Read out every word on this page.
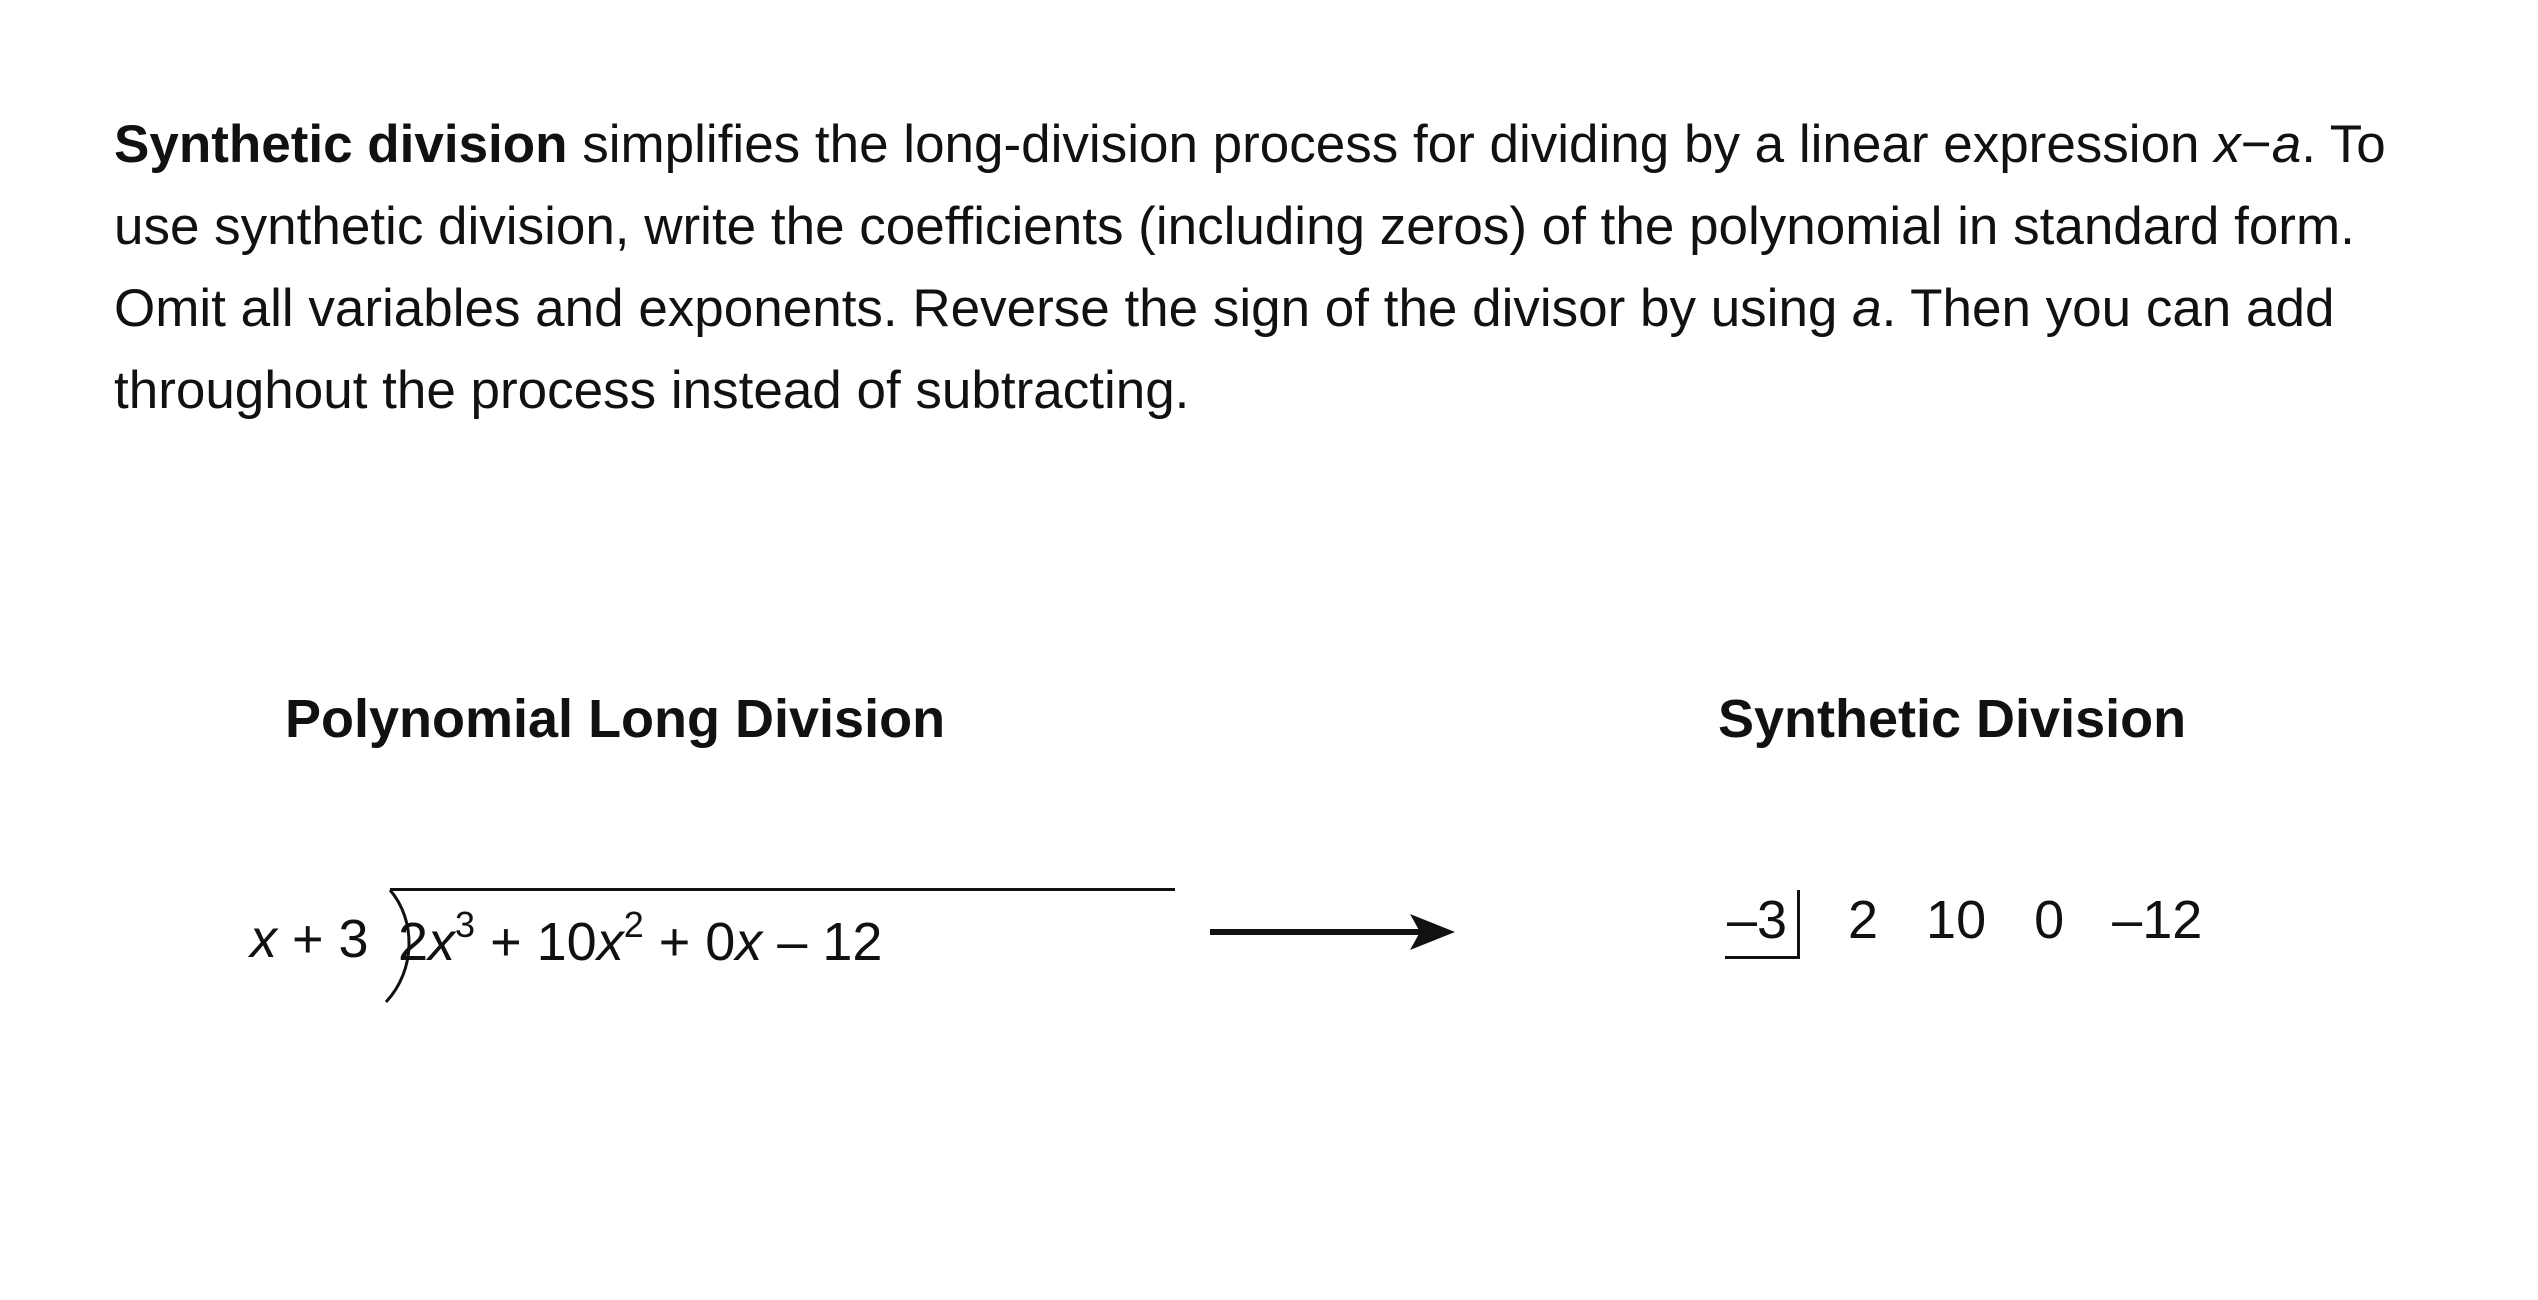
Synthetic division simplifies the long-division process for dividing by a linear expression x−a. To use synthetic division, write the coefficients (including zeros) of the polynomial in standard form. Omit all variables and exponents. Reverse the sign of the divisor by using a. Then you can add throughout the process instead of subtracting.

Polynomial Long Division	Synthetic Division
x + 3 $2x^3 + 10x^2 + 0x - 12$	–3 2 10 0 –12
